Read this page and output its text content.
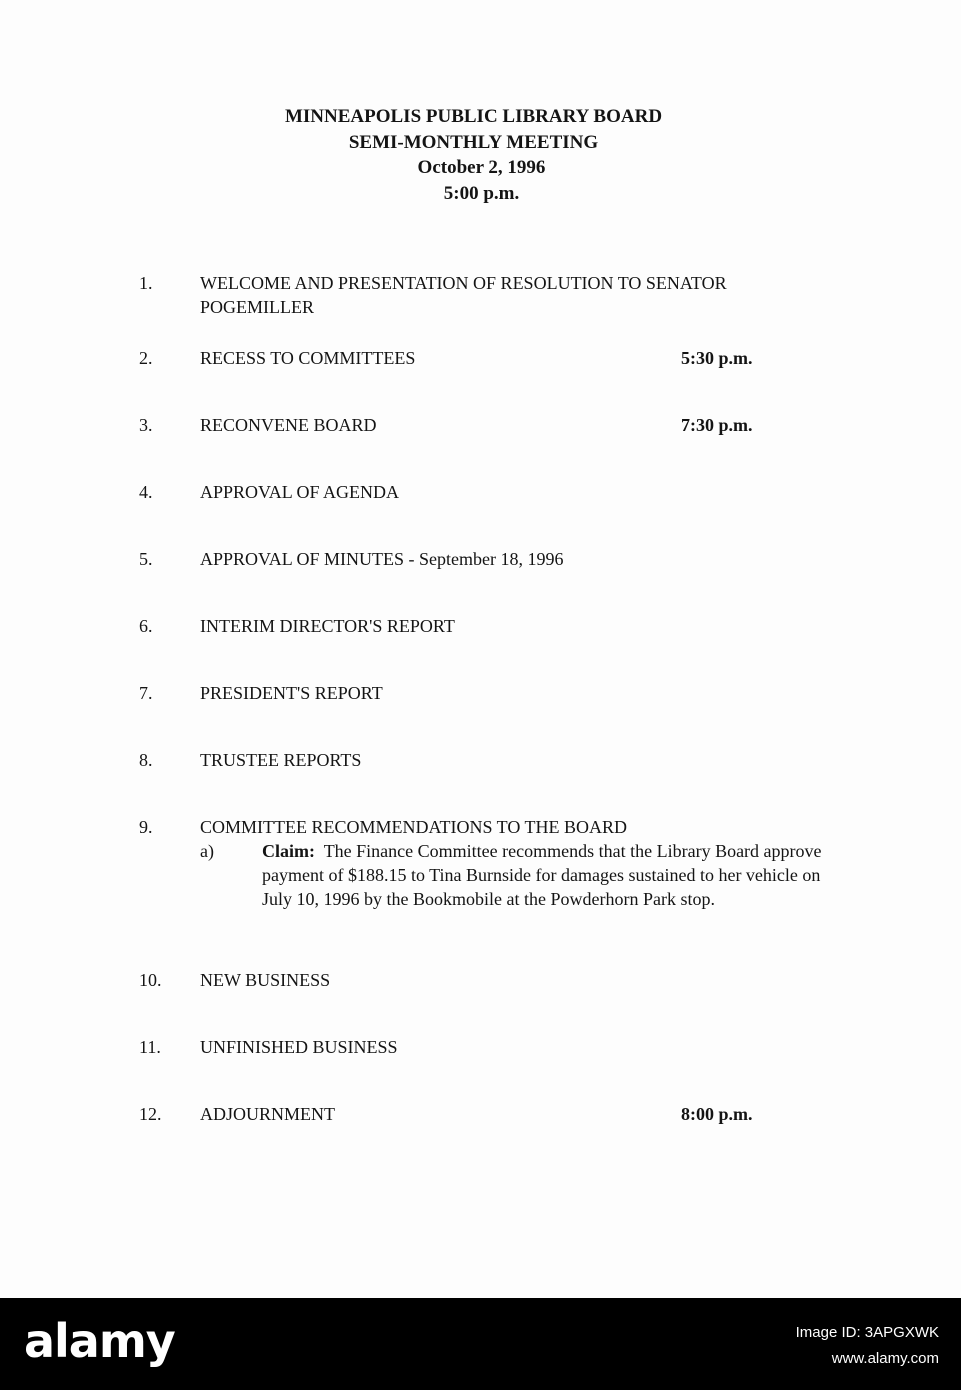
MINNEAPOLIS PUBLIC LIBRARY BOARD
SEMI-MONTHLY MEETING
October 2, 1996
5:00 p.m.
1.	WELCOME AND PRESENTATION OF RESOLUTION TO SENATOR POGEMILLER
2.	RECESS TO COMMITTEES	5:30 p.m.
3.	RECONVENE BOARD	7:30 p.m.
4.	APPROVAL OF AGENDA
5.	APPROVAL OF MINUTES - September 18, 1996
6.	INTERIM DIRECTOR'S REPORT
7.	PRESIDENT'S REPORT
8.	TRUSTEE REPORTS
9.	COMMITTEE RECOMMENDATIONS TO THE BOARD
a)	Claim: The Finance Committee recommends that the Library Board approve payment of $188.15 to Tina Burnside for damages sustained to her vehicle on July 10, 1996 by the Bookmobile at the Powderhorn Park stop.
10. NEW BUSINESS
11. UNFINISHED BUSINESS
12. ADJOURNMENT	8:00 p.m.
alamy	Image ID: 3APGXWK
www.alamy.com
